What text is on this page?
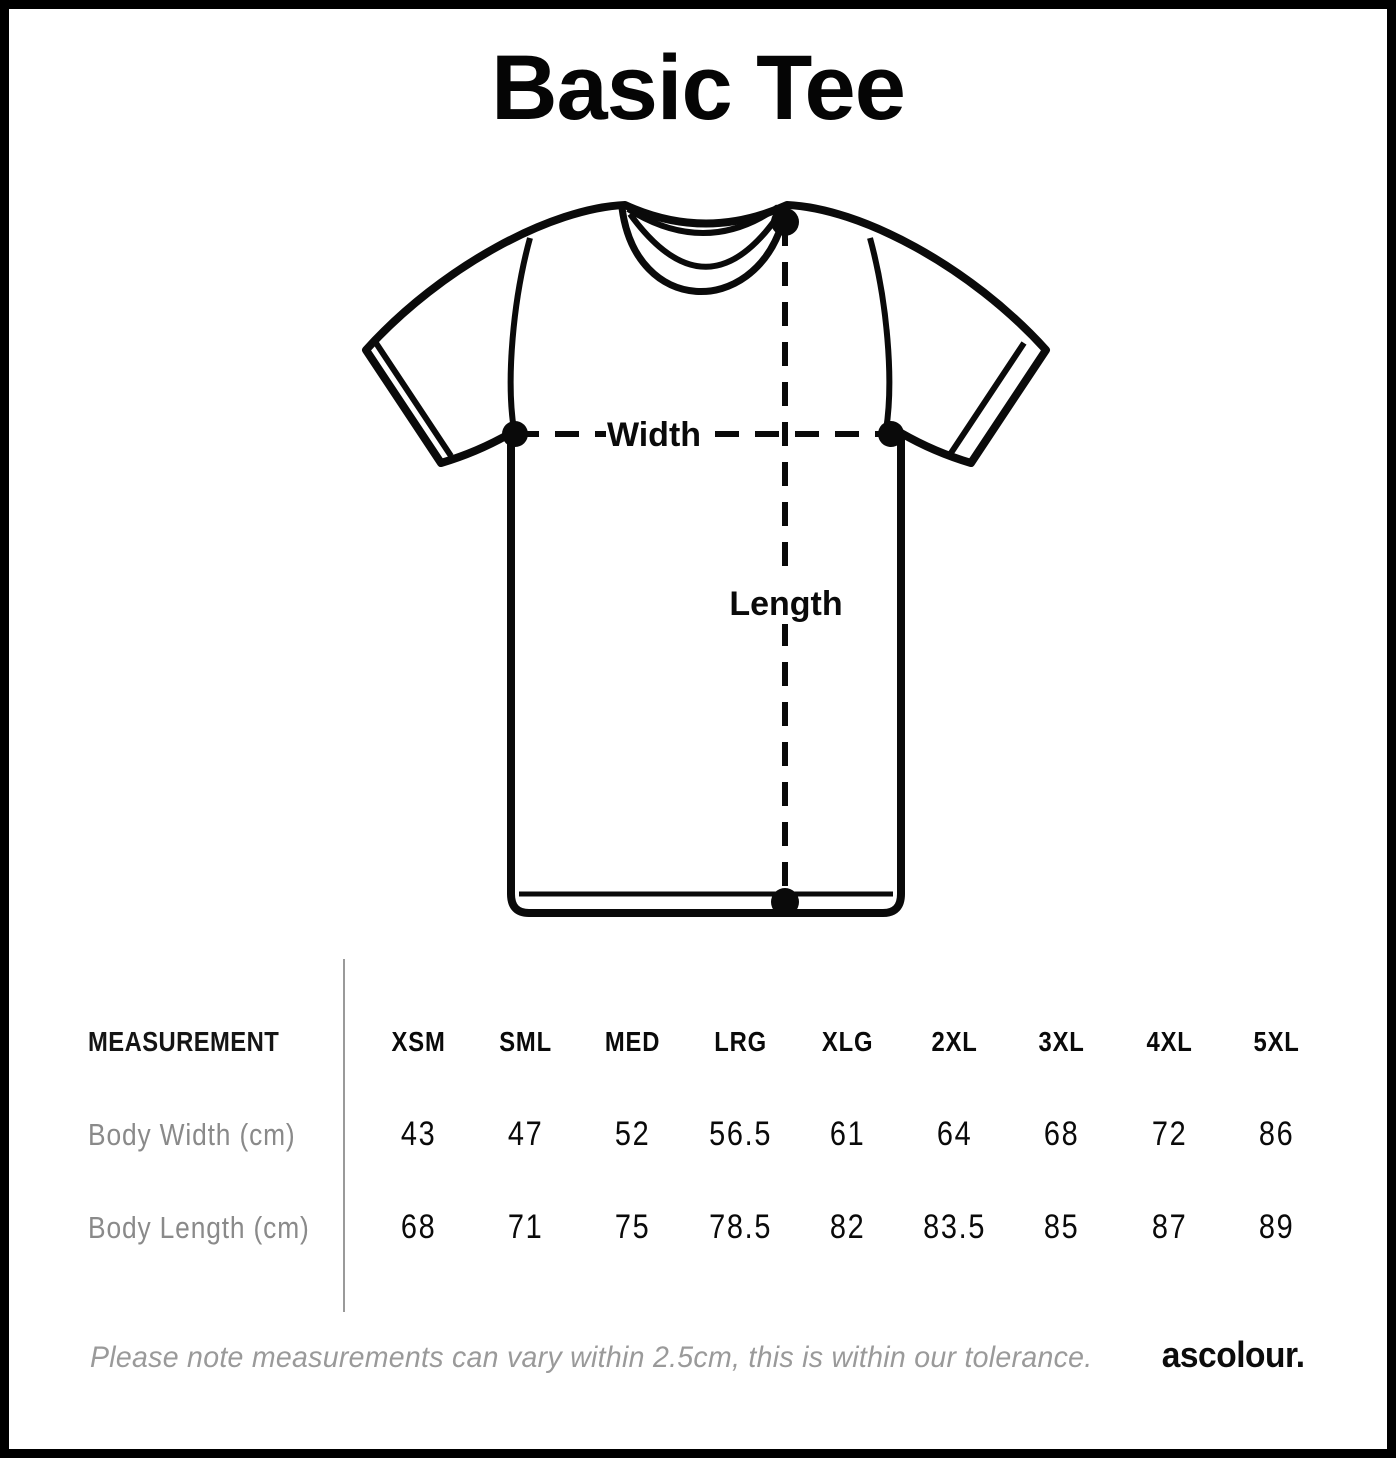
Basic Tee
Width
Length
MEASUREMENT	XSM	SML	MED	LRG	XLG	2XL	3XL	4XL	5XL
Body Width (cm)	43	47	52	56.5	61	64	68	72	86
Body Length (cm)	68	71	75	78.5	82	83.5	85	87	89
Please note measurements can vary within 2.5cm, this is within our tolerance. ascolour.
